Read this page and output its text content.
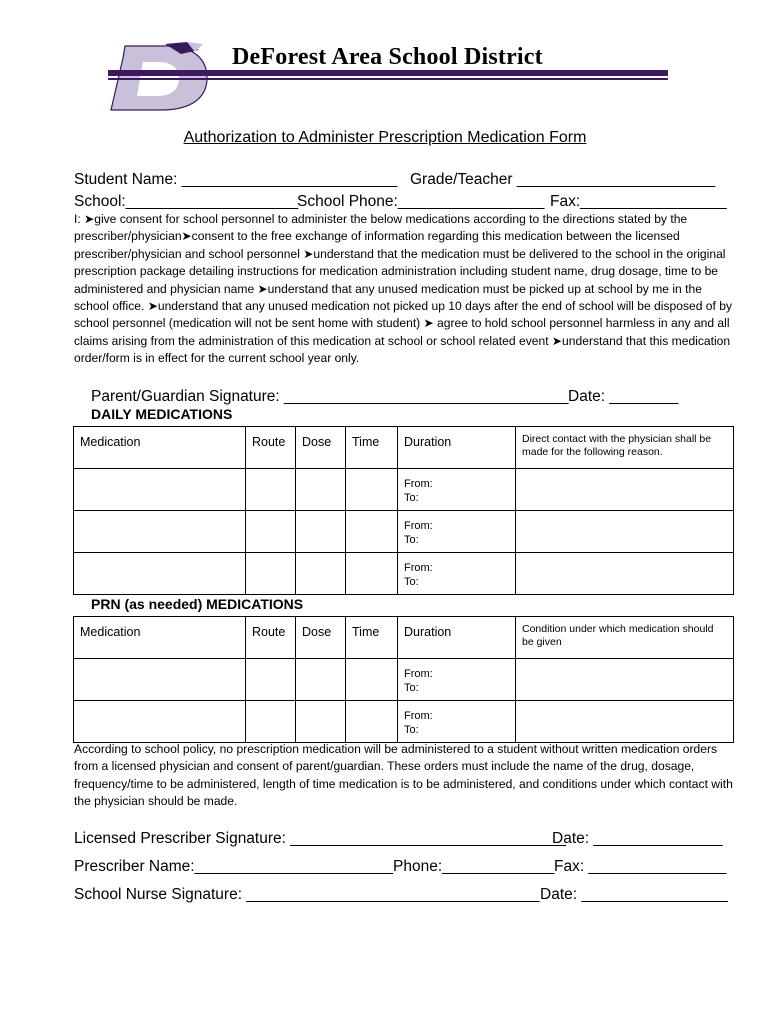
DeForest Area School District
Authorization to Administer Prescription Medication Form
Student Name: _________________________ Grade/Teacher _______________________
School:____________________
School Phone:_________________ Fax:_________________
I: ➤give consent for school personnel to administer the below medications according to the directions stated by the prescriber/physician➤consent to the free exchange of information regarding this medication between the licensed prescriber/physician and school personnel ➤understand that the medication must be delivered to the school in the original prescription package detailing instructions for medication administration including student name, drug dosage, time to be administered and physician name ➤understand that any unused medication must be picked up at school by me in the school office. ➤understand that any unused medication not picked up 10 days after the end of school will be disposed of by school personnel (medication will not be sent home with student) ➤ agree to hold school personnel harmless in any and all claims arising from the administration of this medication at school or school related event ➤understand that this medication order/form is in effect for the current school year only.
Parent/Guardian Signature: _________________________________ Date: ________
DAILY MEDICATIONS
Medication	Route	Dose	Time	Duration	Direct contact with the physician shall be made for the following reason.

				From:
To:	

				From:
To:	

				From:
To:	

PRN (as needed) MEDICATIONS
Medication	Route	Dose	Time	Duration	Condition under which medication should be given

				From:
To:	

				From:
To:	

According to school policy, no prescription medication will be administered to a student without written medication orders from a licensed physician and consent of parent/guardian. These orders must include the name of the drug, dosage, frequency/time to be administered, length of time medication is to be administered, and conditions under which contact with the physician should be made.
Licensed Prescriber Signature: ________________________________
Date: _______________
Prescriber Name:_______________________ Phone:_____________ Fax: ________________
School Nurse Signature: __________________________________ Date: _________________
